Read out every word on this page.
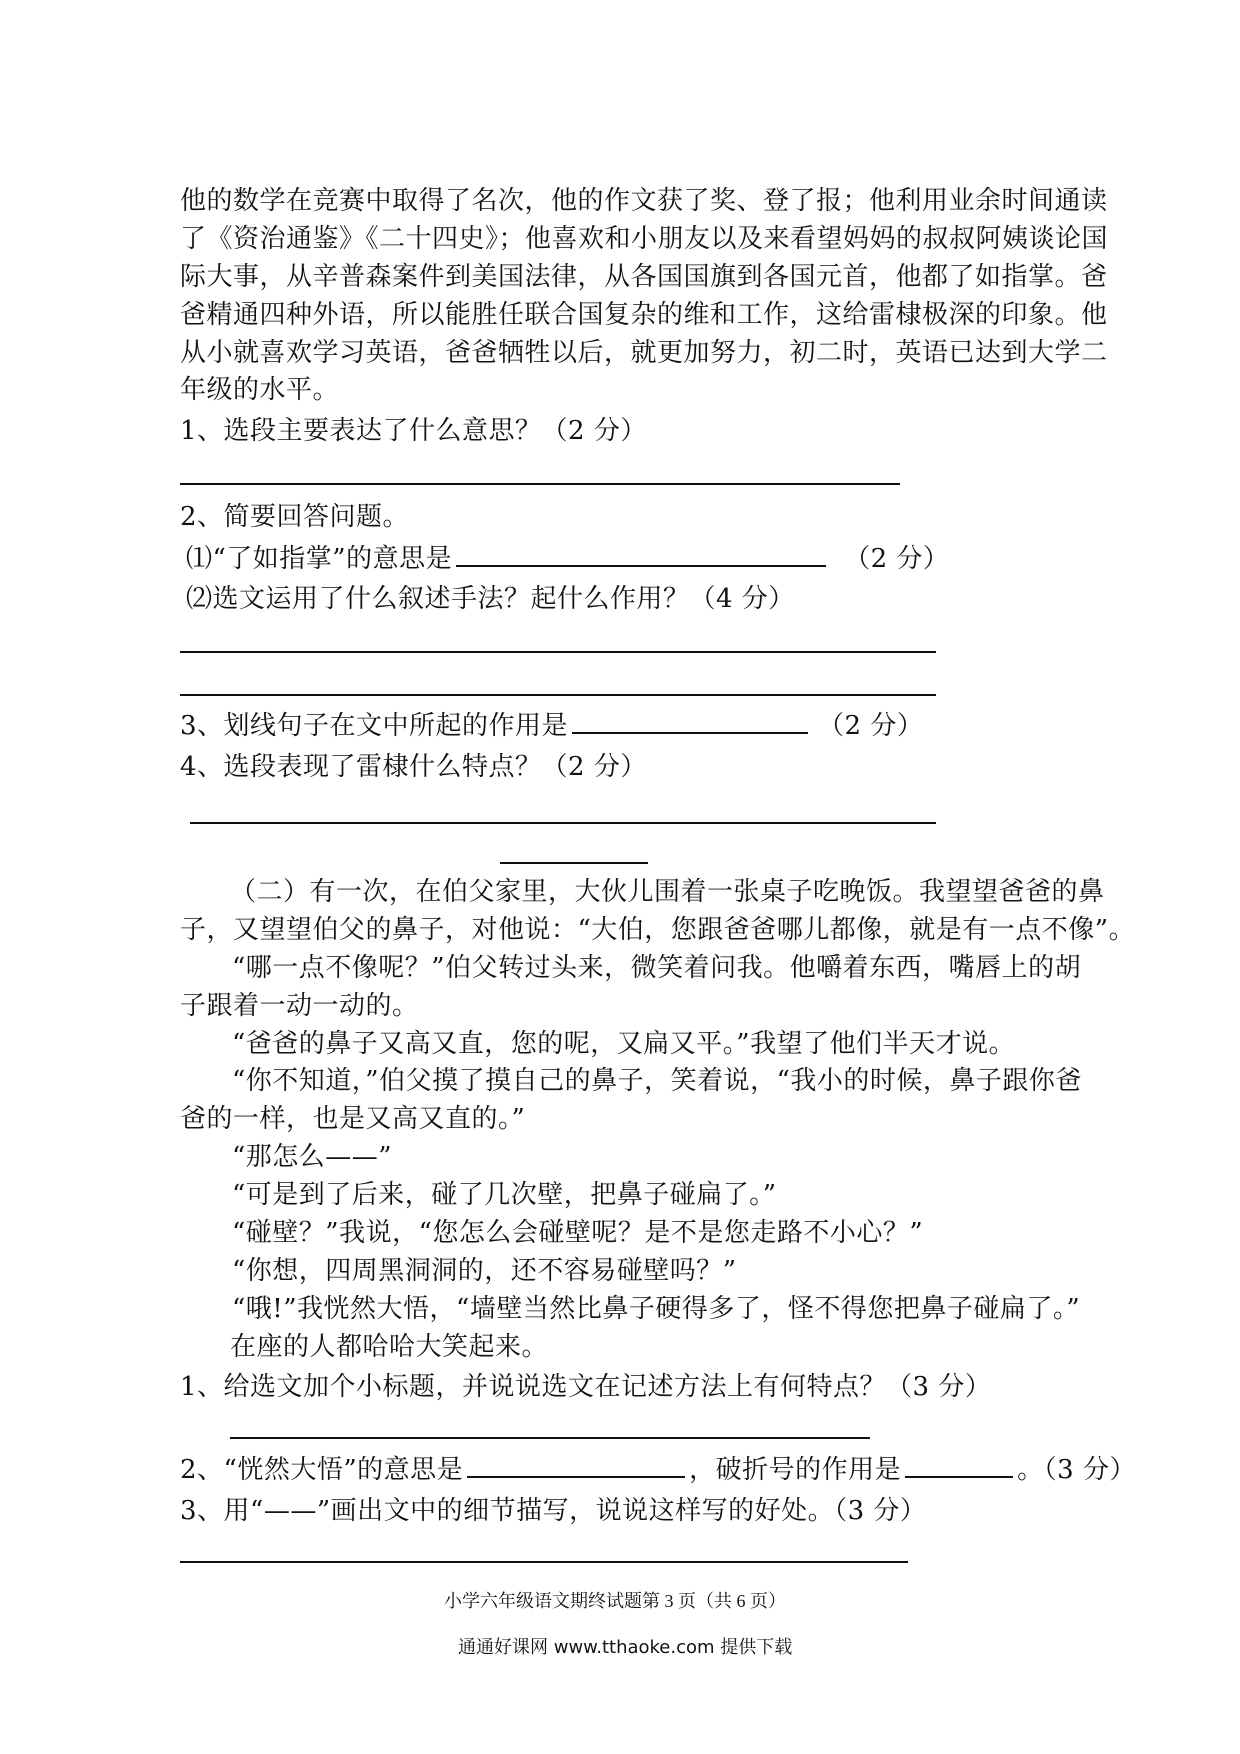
他的数学在竞赛中取得了名次，他的作文获了奖、登了报；他利用业余时间通读
了《资治通鉴》《二十四史》；他喜欢和小朋友以及来看望妈妈的叔叔阿姨谈论国
际大事，从辛普森案件到美国法律，从各国国旗到各国元首，他都了如指掌。爸
爸精通四种外语，所以能胜任联合国复杂的维和工作，这给雷棣极深的印象。他
从小就喜欢学习英语，爸爸牺牲以后，就更加努力，初二时，英语已达到大学二
年级的水平。
1、选段主要表达了什么意思？（2 分）
2、简要回答问题。
⑴“了如指掌”的意思是	（2 分）
⑵选文运用了什么叙述手法？起什么作用？（4 分）
3、划线句子在文中所起的作用是	（2 分）
4、选段表现了雷棣什么特点？（2 分）
（二）有一次，在伯父家里，大伙儿围着一张桌子吃晚饭。我望望爸爸的鼻
子，又望望伯父的鼻子，对他说：“大伯，您跟爸爸哪儿都像，就是有一点不像”。
“哪一点不像呢？”伯父转过头来，微笑着问我。他嚼着东西，嘴唇上的胡
子跟着一动一动的。
“爸爸的鼻子又高又直，您的呢，又扁又平。”我望了他们半天才说。
“你不知道，”伯父摸了摸自己的鼻子，笑着说，“我小的时候，鼻子跟你爸
爸的一样，也是又高又直的。”
“那怎么——”
“可是到了后来，碰了几次壁，把鼻子碰扁了。”
“碰壁？”我说，“您怎么会碰壁呢？是不是您走路不小心？”
“你想，四周黑洞洞的，还不容易碰壁吗？”
“哦!”我恍然大悟，“墙壁当然比鼻子硬得多了，怪不得您把鼻子碰扁了。”
在座的人都哈哈大笑起来。
1、给选文加个小标题，并说说选文在记述方法上有何特点？（3 分）
2、“恍然大悟”的意思是	，破折号的作用是	。（3 分）
3、用“——”画出文中的细节描写，说说这样写的好处。（3 分）
小学六年级语文期终试题第 3 页（共 6 页）
通通好课网 www.tthaoke.com 提供下载
